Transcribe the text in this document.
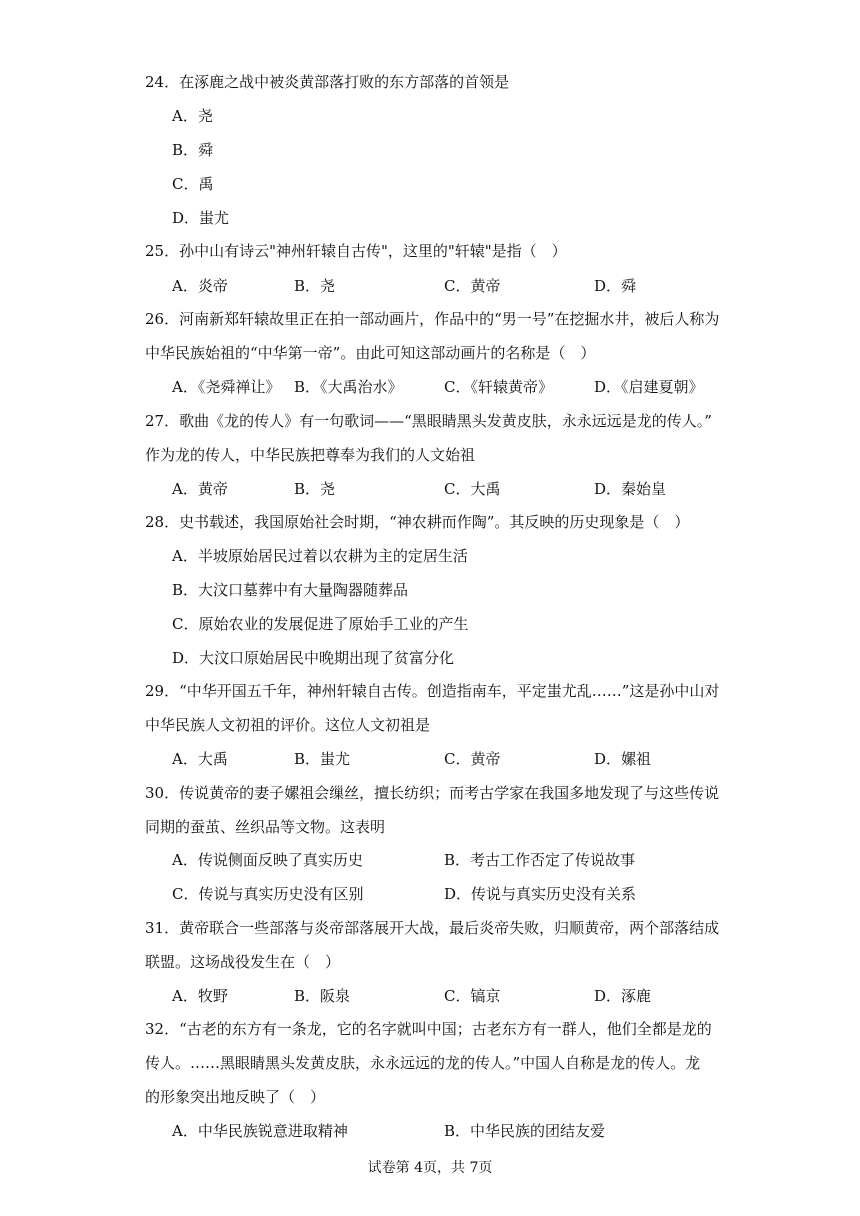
24．在涿鹿之战中被炎黄部落打败的东方部落的首领是
A．尧
B．舜
C．禹
D．蚩尤
25．孙中山有诗云"神州轩辕自古传"，这里的"轩辕"是指（　）
A．炎帝	B．尧	C．黄帝	D．舜
26．河南新郑轩辕故里正在拍一部动画片，作品中的“男一号”在挖掘水井，被后人称为
中华民族始祖的“中华第一帝”。由此可知这部动画片的名称是（　）
A．《尧舜禅让》 B．《大禹治水》	C．《轩辕黄帝》	D．《启建夏朝》
27．歌曲《龙的传人》有一句歌词——“黑眼睛黑头发黄皮肤，永永远远是龙的传人。”
作为龙的传人，中华民族把尊奉为我们的人文始祖
A．黄帝	B．尧	C．大禹	D．秦始皇
28．史书载述，我国原始社会时期，“神农耕而作陶”。其反映的历史现象是（　）
A．半坡原始居民过着以农耕为主的定居生活
B．大汶口墓葬中有大量陶器随葬品
C．原始农业的发展促进了原始手工业的产生
D．大汶口原始居民中晚期出现了贫富分化
29．“中华开国五千年，神州轩辕自古传。创造指南车，平定蚩尤乱……”这是孙中山对
中华民族人文初祖的评价。这位人文初祖是
A．大禹	B．蚩尤	C．黄帝	D．嫘祖
30．传说黄帝的妻子嫘祖会缫丝，擅长纺织；而考古学家在我国多地发现了与这些传说
同期的蚕茧、丝织品等文物。这表明
A．传说侧面反映了真实历史	B．考古工作否定了传说故事
C．传说与真实历史没有区别	D．传说与真实历史没有关系
31．黄帝联合一些部落与炎帝部落展开大战，最后炎帝失败，归顺黄帝，两个部落结成
联盟。这场战役发生在（　）
A．牧野	B．阪泉	C．镐京	D．涿鹿
32．“古老的东方有一条龙，它的名字就叫中国；古老东方有一群人，他们全都是龙的
传人。……黑眼睛黑头发黄皮肤，永永远远的龙的传人。”中国人自称是龙的传人。龙
的形象突出地反映了（　）
A．中华民族锐意进取精神	B．中华民族的团结友爱
试卷第 4页，共 7页
